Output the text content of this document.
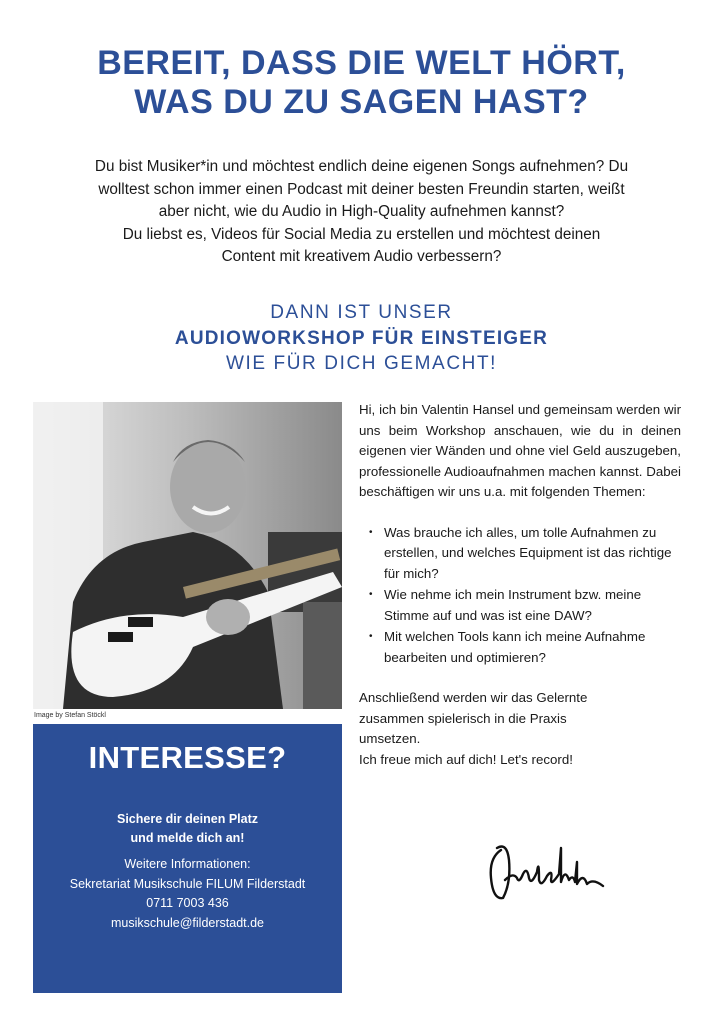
BEREIT, DASS DIE WELT HÖRT,
WAS DU ZU SAGEN HAST?
Du bist Musiker*in und möchtest endlich deine eigenen Songs aufnehmen? Du
wolltest schon immer einen Podcast mit deiner besten Freundin starten, weißt
aber nicht, wie du Audio in High-Quality aufnehmen kannst?
Du liebst es, Videos für Social Media zu erstellen und möchtest deinen
Content mit kreativem Audio verbessern?
DANN IST UNSER
AUDIOWORKSHOP FÜR EINSTEIGER
WIE FÜR DICH GEMACHT!
Image by Stefan Stöckl
INTERESSE?
Sichere dir deinen Platz
und melde dich an!
Weitere Informationen:
Sekretariat Musikschule FILUM Filderstadt
0711 7003 436
musikschule@filderstadt.de

Hi, ich bin Valentin Hansel und gemeinsam werden wir uns beim Workshop anschauen, wie du in deinen eigenen vier Wänden und ohne viel Geld auszugeben, professionelle Audioaufnahmen machen kannst. Dabei beschäftigen wir uns u.a. mit folgenden Themen:

• Was brauche ich alles, um tolle Aufnahmen zu erstellen, und welches Equipment ist das richtige für mich?
• Wie nehme ich mein Instrument bzw. meine Stimme auf und was ist eine DAW?
• Mit welchen Tools kann ich meine Aufnahme bearbeiten und optimieren?

Anschließend werden wir das Gelernte
zusammen spielerisch in die Praxis
umsetzen.
Ich freue mich auf dich! Let's record!
